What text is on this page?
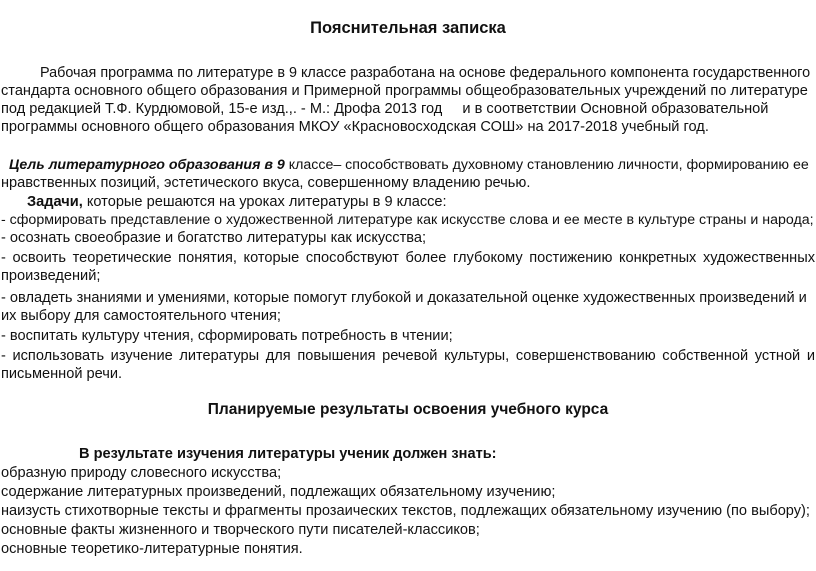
Пояснительная записка
Рабочая программа по литературе в 9 классе разработана на основе федерального компонента государственного
стандарта основного общего образования и Примерной программы общеобразовательных учреждений по литературе
под редакцией Т.Ф. Курдюмовой, 15-е изд.,. - М.: Дрофа 2013 год и в соответствии Основной образовательной
программы основного общего образования МКОУ «Красновосходская СОШ» на 2017-2018 учебный год.
Цель литературного образования в 9 классе– способствовать духовному становлению личности, формированию ее
нравственных позиций, эстетического вкуса, совершенному владению речью.
Задачи, которые решаются на уроках литературы в 9 классе:
- сформировать представление о художественной литературе как искусстве слова и ее месте в культуре страны и народа;
- осознать своеобразие и богатство литературы как искусства;
- освоить теоретические понятия, которые способствуют более глубокому постижению конкретных художественных
произведений;
- овладеть знаниями и умениями, которые помогут глубокой и доказательной оценке художественных произведений и
их выбору для самостоятельного чтения;
- воспитать культуру чтения, сформировать потребность в чтении;
- использовать изучение литературы для повышения речевой культуры, совершенствованию собственной устной и
письменной речи.
Планируемые результаты освоения учебного курса
В результате изучения литературы ученик должен знать:
образную природу словесного искусства;
содержание литературных произведений, подлежащих обязательному изучению;
наизусть стихотворные тексты и фрагменты прозаических текстов, подлежащих обязательному изучению (по выбору);
основные факты жизненного и творческого пути писателей-классиков;
основные теоретико-литературные понятия.
